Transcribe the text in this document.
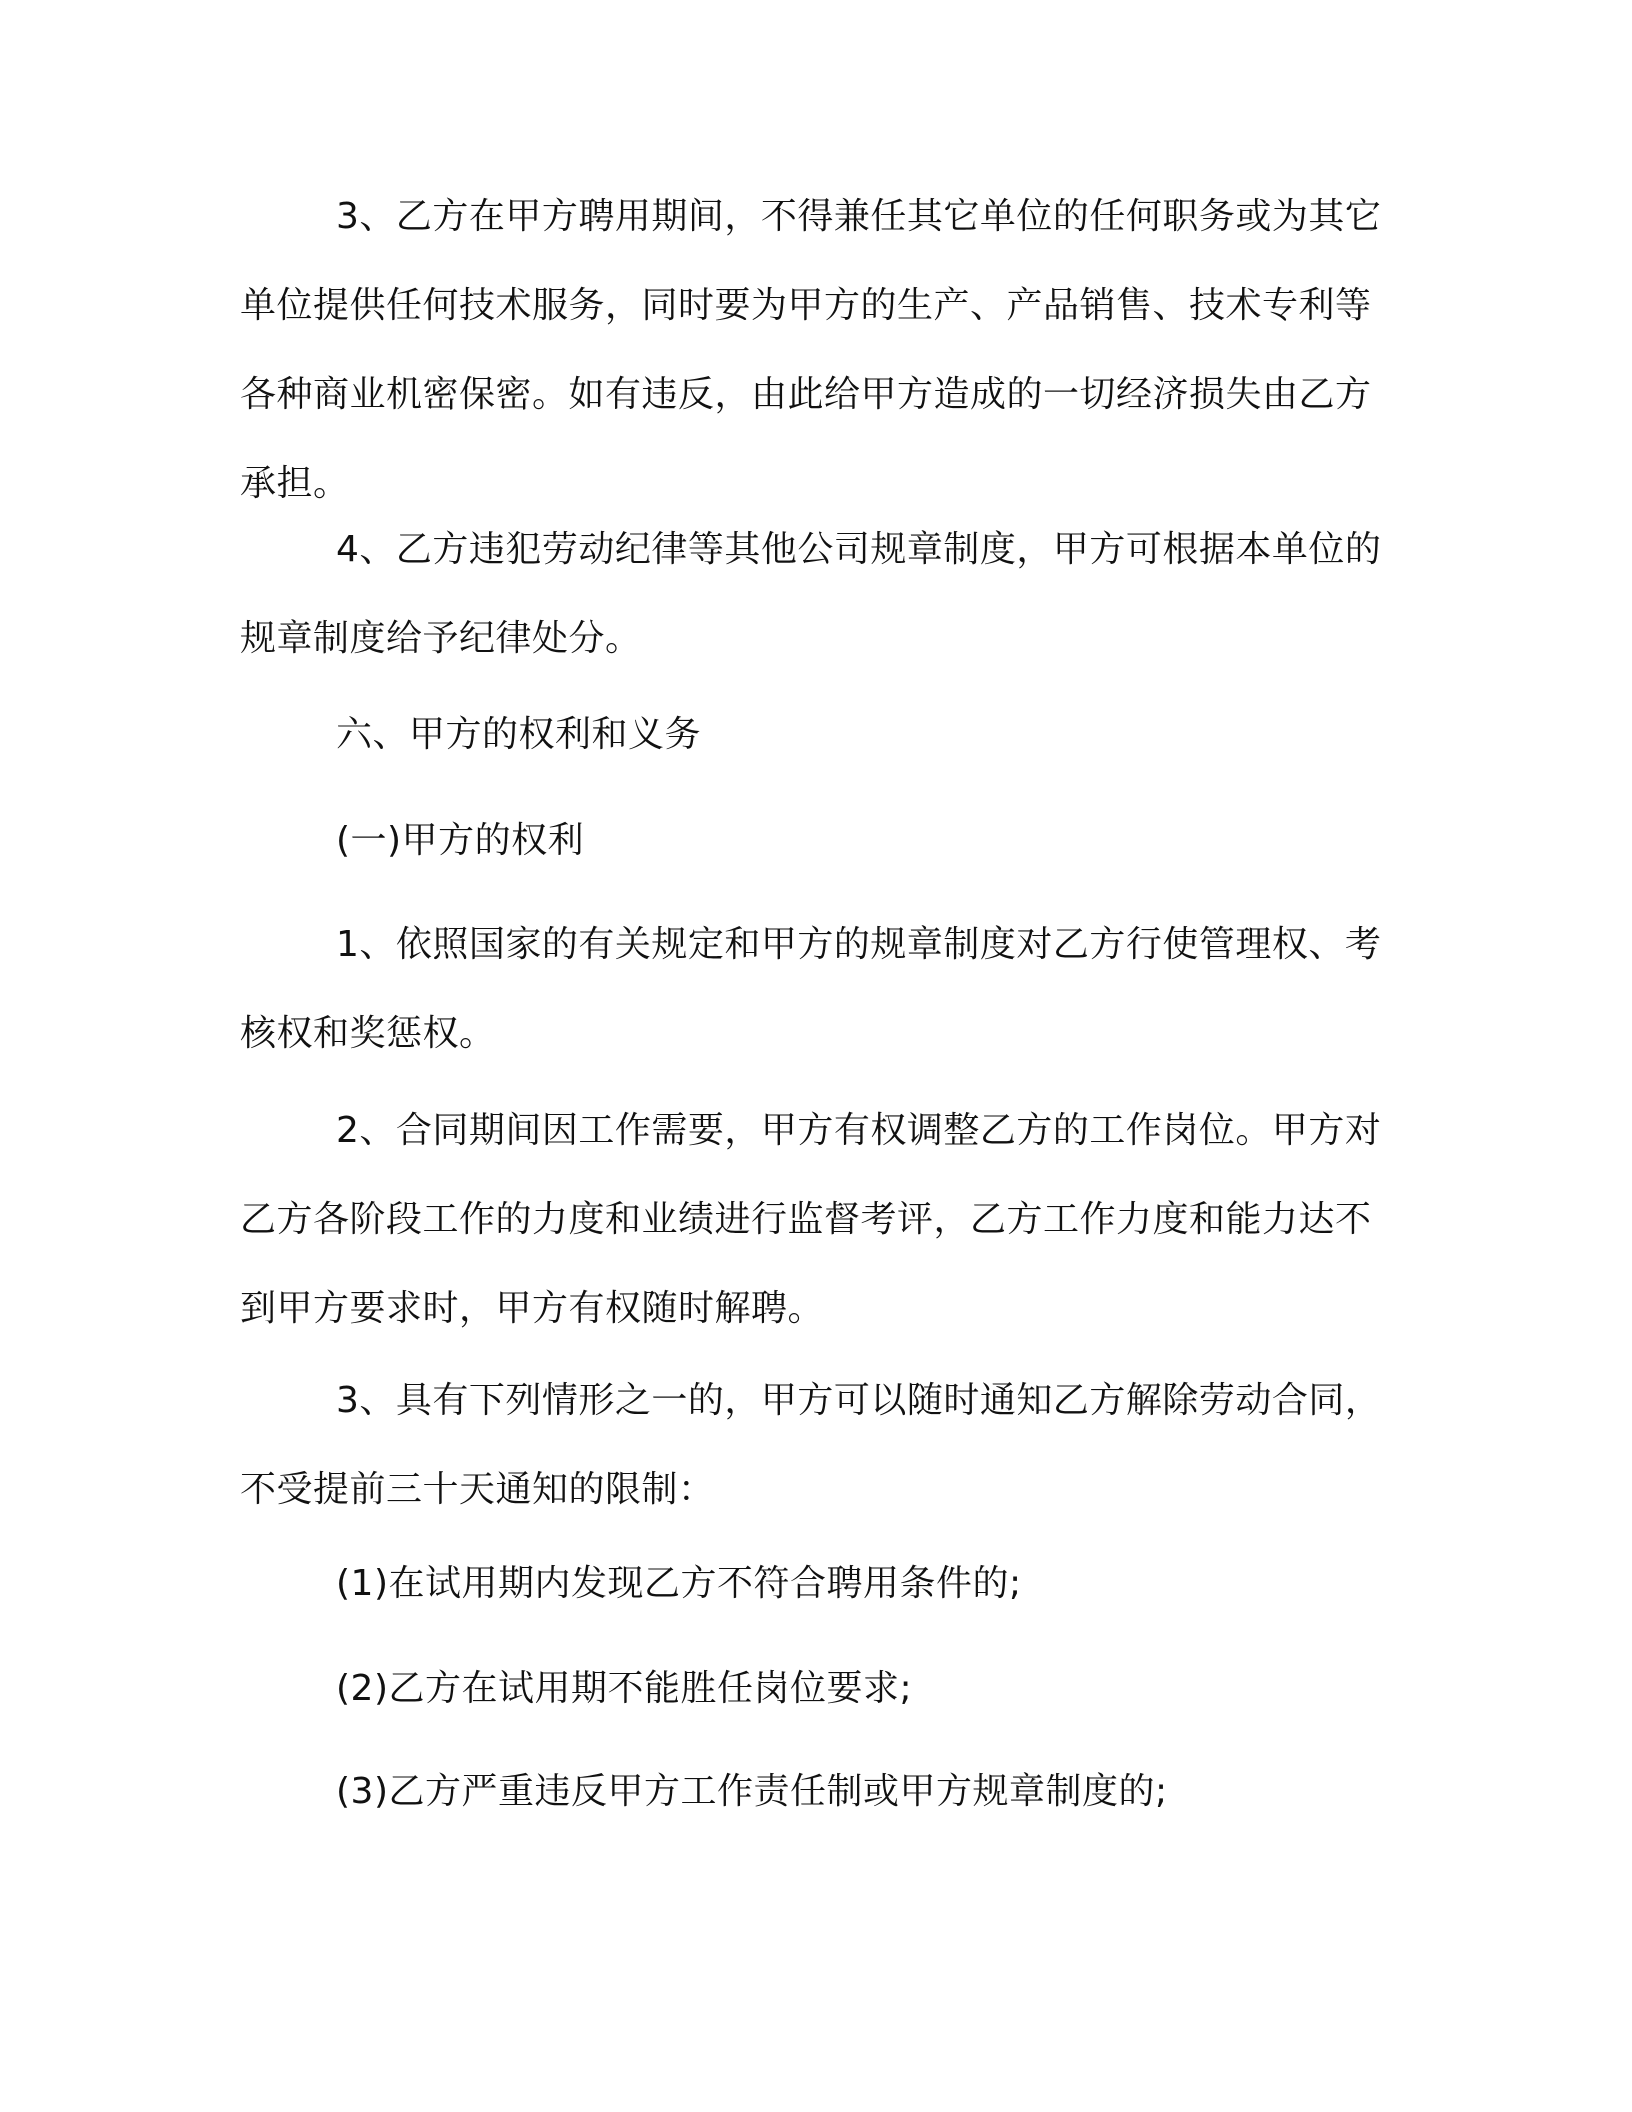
3、乙方在甲方聘用期间，不得兼任其它单位的任何职务或为其它单位提供任何技术服务，同时要为甲方的生产、产品销售、技术专利等各种商业机密保密。如有违反，由此给甲方造成的一切经济损失由乙方承担。

4、乙方违犯劳动纪律等其他公司规章制度，甲方可根据本单位的规章制度给予纪律处分。

六、甲方的权利和义务

(一)甲方的权利

1、依照国家的有关规定和甲方的规章制度对乙方行使管理权、考核权和奖惩权。

2、合同期间因工作需要，甲方有权调整乙方的工作岗位。甲方对乙方各阶段工作的力度和业绩进行监督考评，乙方工作力度和能力达不到甲方要求时，甲方有权随时解聘。

3、具有下列情形之一的，甲方可以随时通知乙方解除劳动合同，不受提前三十天通知的限制：

(1)在试用期内发现乙方不符合聘用条件的;

(2)乙方在试用期不能胜任岗位要求;

(3)乙方严重违反甲方工作责任制或甲方规章制度的;
